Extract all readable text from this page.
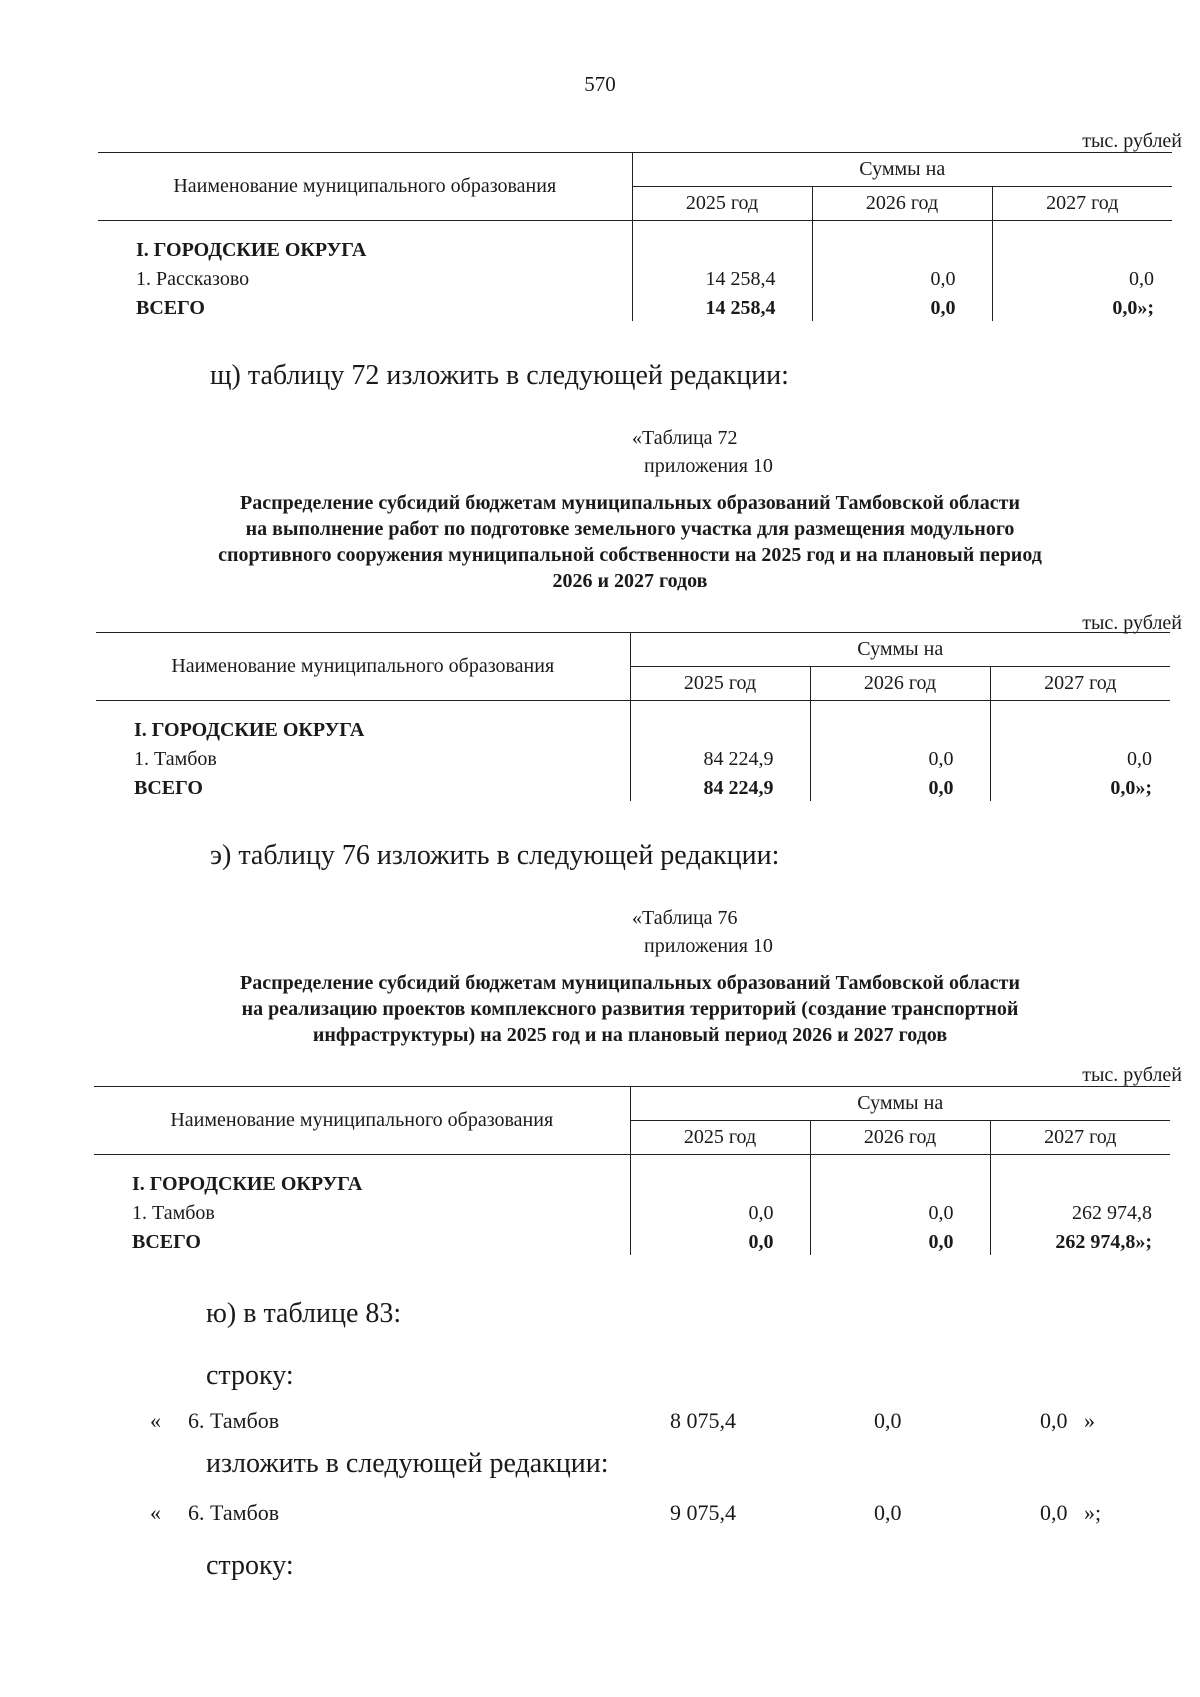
570
тыс. рублей
Наименование муниципального образования	Суммы на		
	2025 год	2026 год	2027 год
I. ГОРОДСКИЕ ОКРУГА			
1. Рассказово	14 258,4	0,0	0,0
ВСЕГО	14 258,4	0,0	0,0»;
щ) таблицу 72 изложить в следующей редакции:
«Таблица 72
приложения 10
Распределение субсидий бюджетам муниципальных образований Тамбовской области
на выполнение работ по подготовке земельного участка для размещения модульного
спортивного сооружения муниципальной собственности на 2025 год и на плановый период
2026 и 2027 годов
тыс. рублей
Наименование муниципального образования	Суммы на		
	2025 год	2026 год	2027 год
I. ГОРОДСКИЕ ОКРУГА			
1. Тамбов	84 224,9	0,0	0,0
ВСЕГО	84 224,9	0,0	0,0»;
э) таблицу 76 изложить в следующей редакции:
«Таблица 76
приложения 10
Распределение субсидий бюджетам муниципальных образований Тамбовской области
на реализацию проектов комплексного развития территорий (создание транспортной
инфраструктуры) на 2025 год и на плановый период 2026 и 2027 годов
тыс. рублей
Наименование муниципального образования	Суммы на		
	2025 год	2026 год	2027 год
I. ГОРОДСКИЕ ОКРУГА			
1. Тамбов	0,0	0,0	262 974,8
ВСЕГО	0,0	0,0	262 974,8»;
ю) в таблице 83:
строку:
« 6. Тамбов	8 075,4	0,0	0,0 »
изложить в следующей редакции:
« 6. Тамбов	9 075,4	0,0	0,0 »;
строку:
